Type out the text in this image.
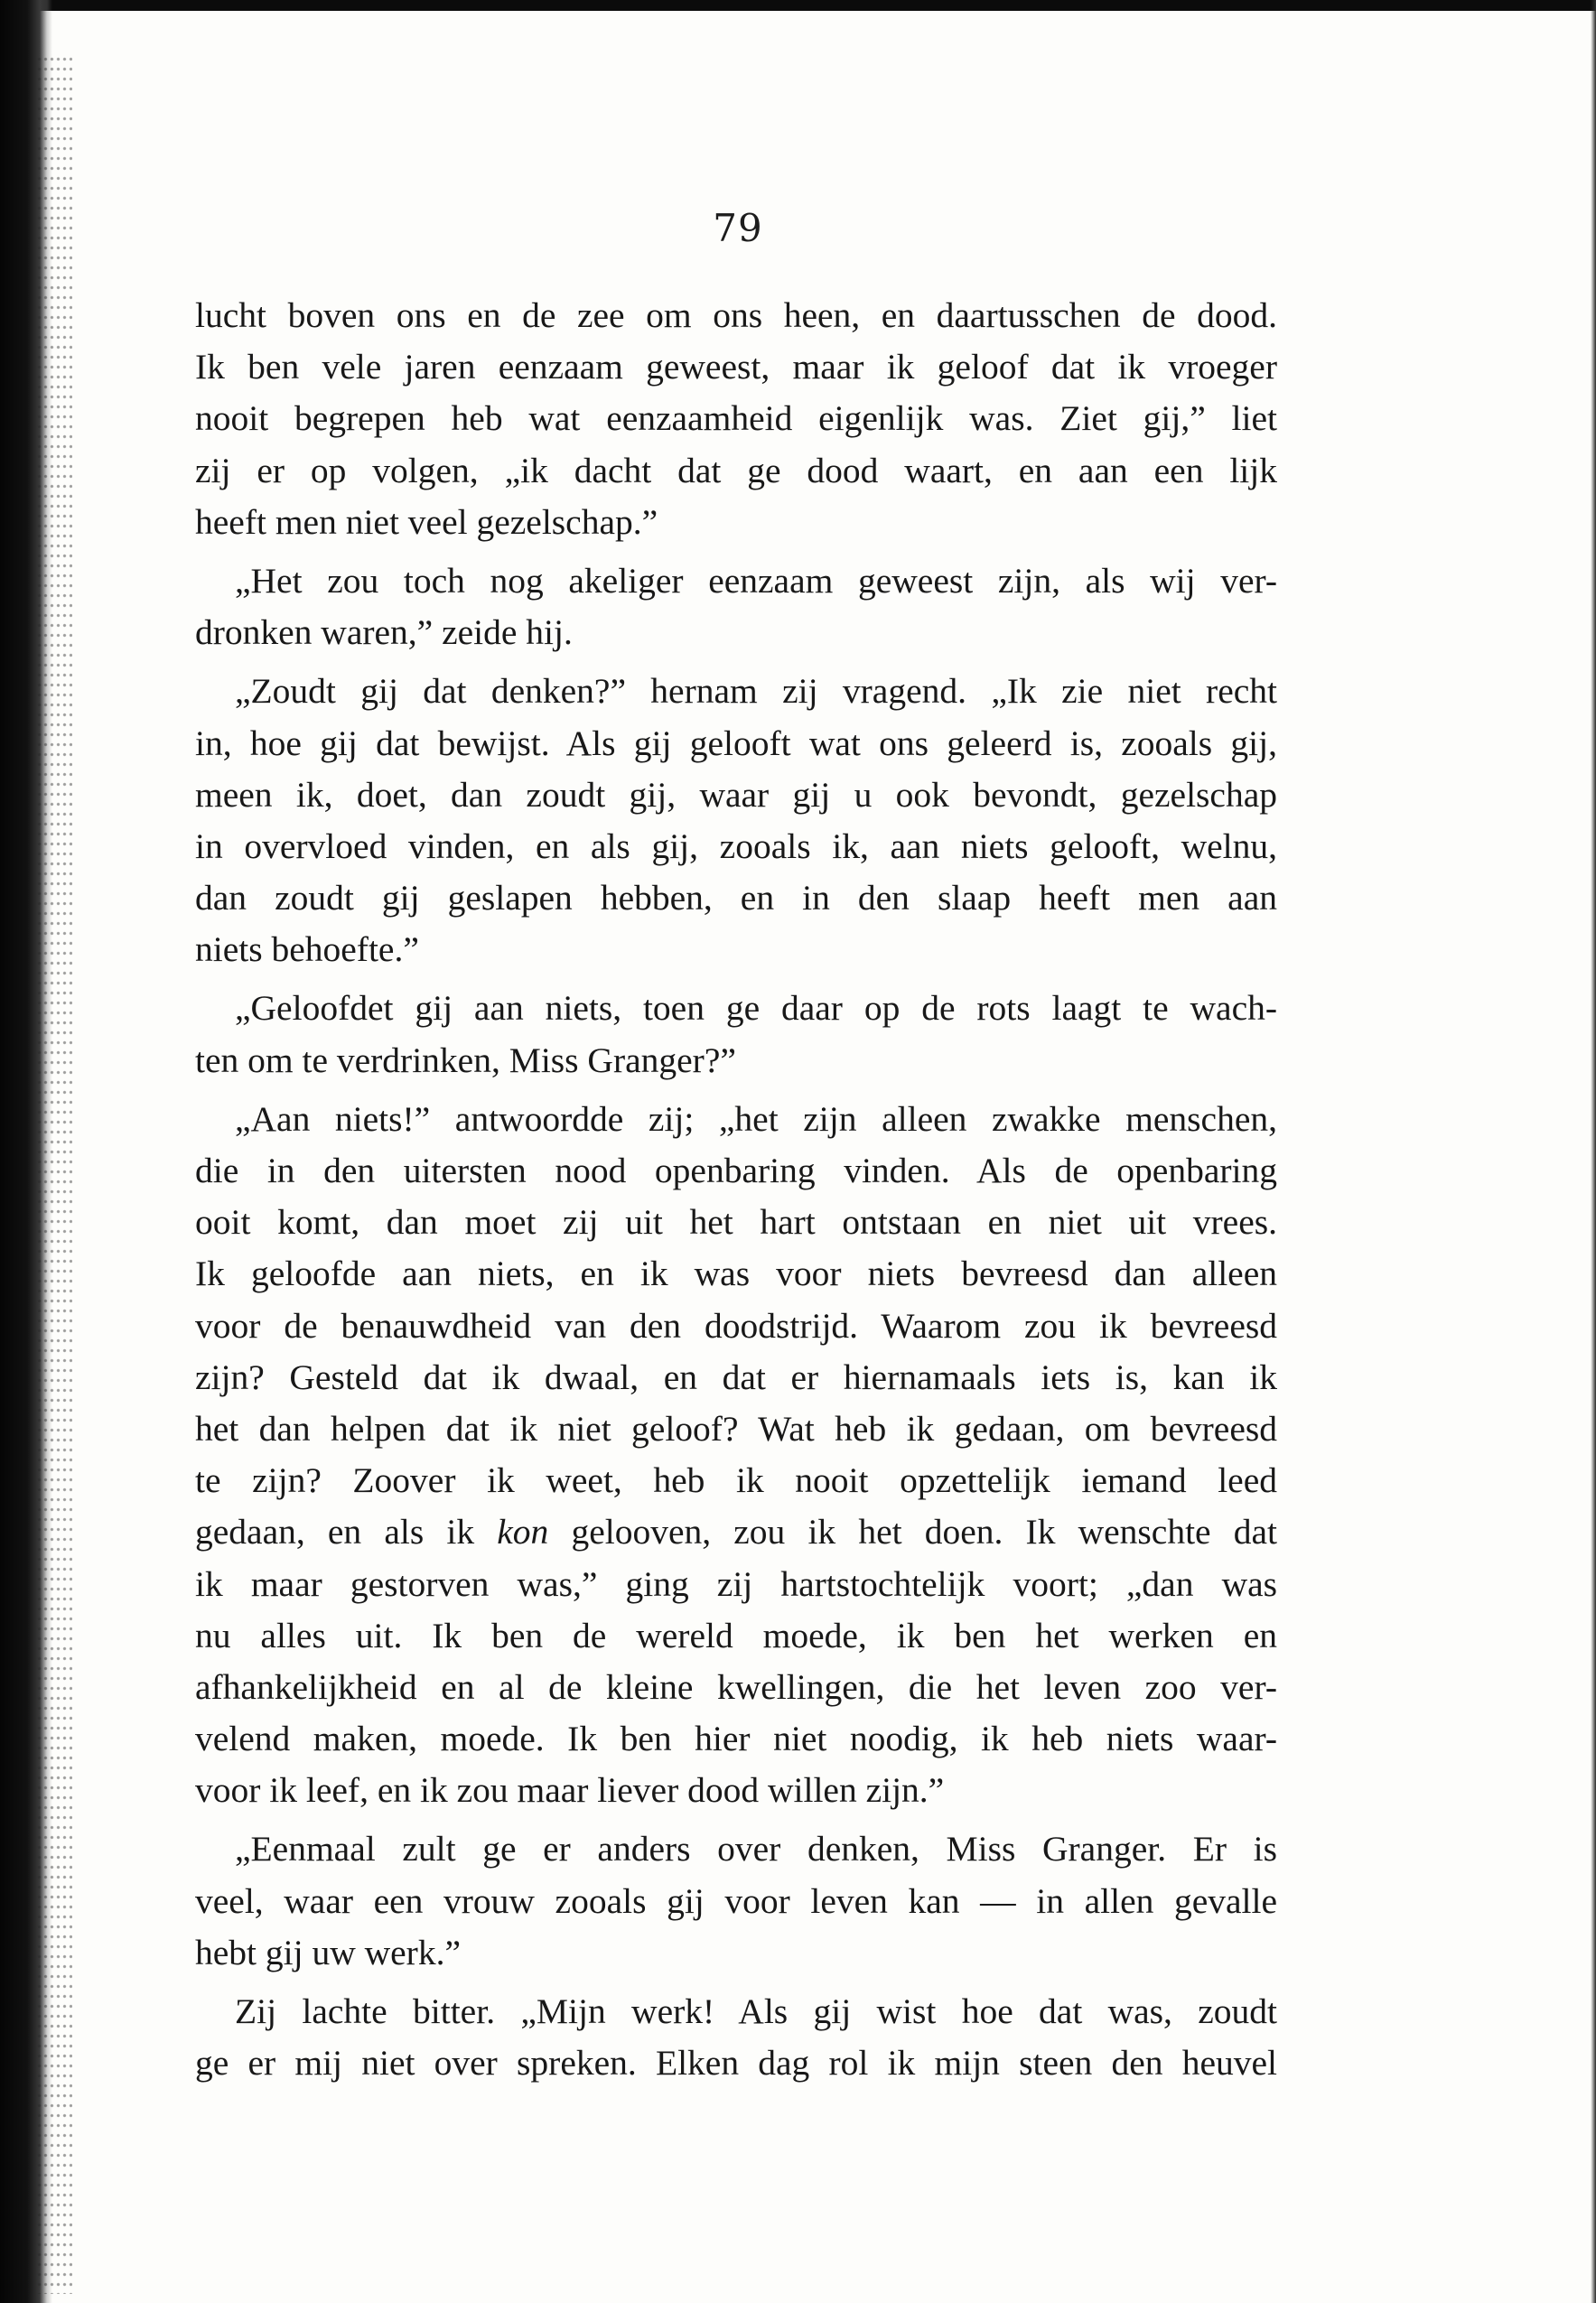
79
lucht boven ons en de zee om ons heen, en daartusschen de dood.
Ik ben vele jaren eenzaam geweest, maar ik geloof dat ik vroeger
nooit begrepen heb wat eenzaamheid eigenlijk was. Ziet gij,” liet
zij er op volgen, „ik dacht dat ge dood waart, en aan een lijk
heeft men niet veel gezelschap.”
„Het zou toch nog akeliger eenzaam geweest zijn, als wij ver-
dronken waren,” zeide hij.
„Zoudt gij dat denken?” hernam zij vragend. „Ik zie niet recht
in, hoe gij dat bewijst. Als gij gelooft wat ons geleerd is, zooals gij,
meen ik, doet, dan zoudt gij, waar gij u ook bevondt, gezelschap
in overvloed vinden, en als gij, zooals ik, aan niets gelooft, welnu,
dan zoudt gij geslapen hebben, en in den slaap heeft men aan
niets behoefte.”
„Geloofdet gij aan niets, toen ge daar op de rots laagt te wach-
ten om te verdrinken, Miss Granger?”
„Aan niets!” antwoordde zij; „het zijn alleen zwakke menschen,
die in den uitersten nood openbaring vinden. Als de openbaring
ooit komt, dan moet zij uit het hart ontstaan en niet uit vrees.
Ik geloofde aan niets, en ik was voor niets bevreesd dan alleen
voor de benauwdheid van den doodstrijd. Waarom zou ik bevreesd
zijn? Gesteld dat ik dwaal, en dat er hiernamaals iets is, kan ik
het dan helpen dat ik niet geloof? Wat heb ik gedaan, om bevreesd
te zijn? Zoover ik weet, heb ik nooit opzettelijk iemand leed
gedaan, en als ik kon gelooven, zou ik het doen. Ik wenschte dat
ik maar gestorven was,” ging zij hartstochtelijk voort; „dan was
nu alles uit. Ik ben de wereld moede, ik ben het werken en
afhankelijkheid en al de kleine kwellingen, die het leven zoo ver-
velend maken, moede. Ik ben hier niet noodig, ik heb niets waar-
voor ik leef, en ik zou maar liever dood willen zijn.”
„Eenmaal zult ge er anders over denken, Miss Granger. Er is
veel, waar een vrouw zooals gij voor leven kan — in allen gevalle
hebt gij uw werk.”
Zij lachte bitter. „Mijn werk! Als gij wist hoe dat was, zoudt
ge er mij niet over spreken. Elken dag rol ik mijn steen den heuvel
